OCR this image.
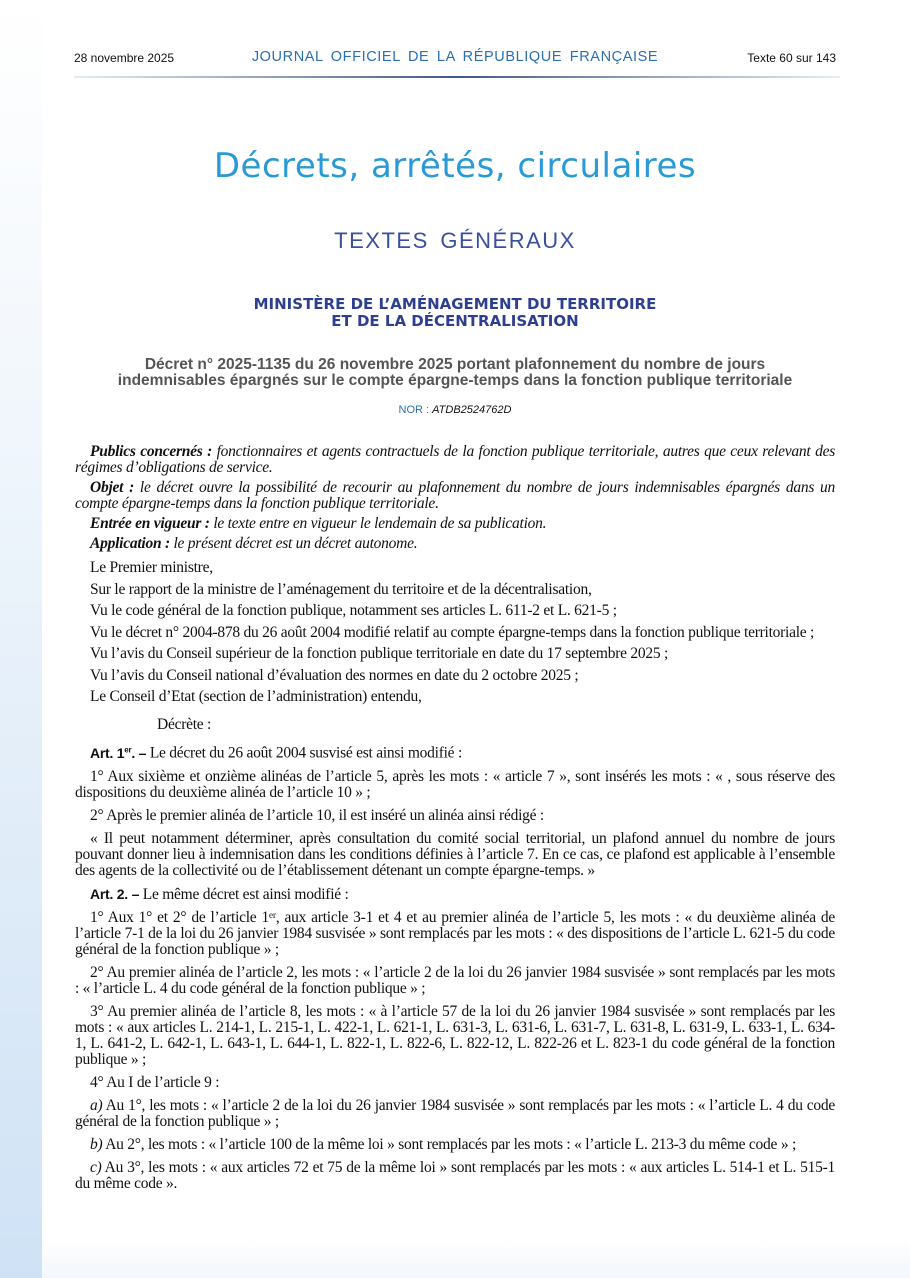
28 novembre 2025	JOURNAL OFFICIEL DE LA RÉPUBLIQUE FRANÇAISE	Texte 60 sur 143
Décrets, arrêtés, circulaires
TEXTES GÉNÉRAUX
MINISTÈRE DE L’AMÉNAGEMENT DU TERRITOIRE
ET DE LA DÉCENTRALISATION
Décret n° 2025-1135 du 26 novembre 2025 portant plafonnement du nombre de jours
indemnisables épargnés sur le compte épargne-temps dans la fonction publique territoriale
NOR : ATDB2524762D

Publics concernés : fonctionnaires et agents contractuels de la fonction publique territoriale, autres que ceux relevant des régimes d’obligations de service.

Objet : le décret ouvre la possibilité de recourir au plafonnement du nombre de jours indemnisables épargnés dans un compte épargne-temps dans la fonction publique territoriale.

Entrée en vigueur : le texte entre en vigueur le lendemain de sa publication.

Application : le présent décret est un décret autonome.

Le Premier ministre,

Sur le rapport de la ministre de l’aménagement du territoire et de la décentralisation,

Vu le code général de la fonction publique, notamment ses articles L. 611-2 et L. 621-5 ;

Vu le décret n° 2004-878 du 26 août 2004 modifié relatif au compte épargne-temps dans la fonction publique territoriale ;

Vu l’avis du Conseil supérieur de la fonction publique territoriale en date du 17 septembre 2025 ;

Vu l’avis du Conseil national d’évaluation des normes en date du 2 octobre 2025 ;

Le Conseil d’Etat (section de l’administration) entendu,

Décrète :

Art. 1er. – Le décret du 26 août 2004 susvisé est ainsi modifié :

1° Aux sixième et onzième alinéas de l’article 5, après les mots : « article 7 », sont insérés les mots : « , sous réserve des dispositions du deuxième alinéa de l’article 10 » ;

2° Après le premier alinéa de l’article 10, il est inséré un alinéa ainsi rédigé :

« Il peut notamment déterminer, après consultation du comité social territorial, un plafond annuel du nombre de jours pouvant donner lieu à indemnisation dans les conditions définies à l’article 7. En ce cas, ce plafond est applicable à l’ensemble des agents de la collectivité ou de l’établissement détenant un compte épargne-temps. »

Art. 2. – Le même décret est ainsi modifié :

1° Aux 1° et 2° de l’article 1ᵉʳ, aux article 3-1 et 4 et au premier alinéa de l’article 5, les mots : « du deuxième alinéa de l’article 7-1 de la loi du 26 janvier 1984 susvisée » sont remplacés par les mots : « des dispositions de l’article L. 621-5 du code général de la fonction publique » ;

2° Au premier alinéa de l’article 2, les mots : « l’article 2 de la loi du 26 janvier 1984 susvisée » sont remplacés par les mots : « l’article L. 4 du code général de la fonction publique » ;

3° Au premier alinéa de l’article 8, les mots : « à l’article 57 de la loi du 26 janvier 1984 susvisée » sont remplacés par les mots : « aux articles L. 214-1, L. 215-1, L. 422-1, L. 621-1, L. 631-3, L. 631-6, L. 631-7, L. 631-8, L. 631-9, L. 633-1, L. 634-1, L. 641-2, L. 642-1, L. 643-1, L. 644-1, L. 822-1, L. 822-6, L. 822-12, L. 822-26 et L. 823-1 du code général de la fonction publique » ;

4° Au I de l’article 9 :

a) Au 1°, les mots : « l’article 2 de la loi du 26 janvier 1984 susvisée » sont remplacés par les mots : « l’article L. 4 du code général de la fonction publique » ;

b) Au 2°, les mots : « l’article 100 de la même loi » sont remplacés par les mots : « l’article L. 213-3 du même code » ;

c) Au 3°, les mots : « aux articles 72 et 75 de la même loi » sont remplacés par les mots : « aux articles L. 514-1 et L. 515-1 du même code ».
